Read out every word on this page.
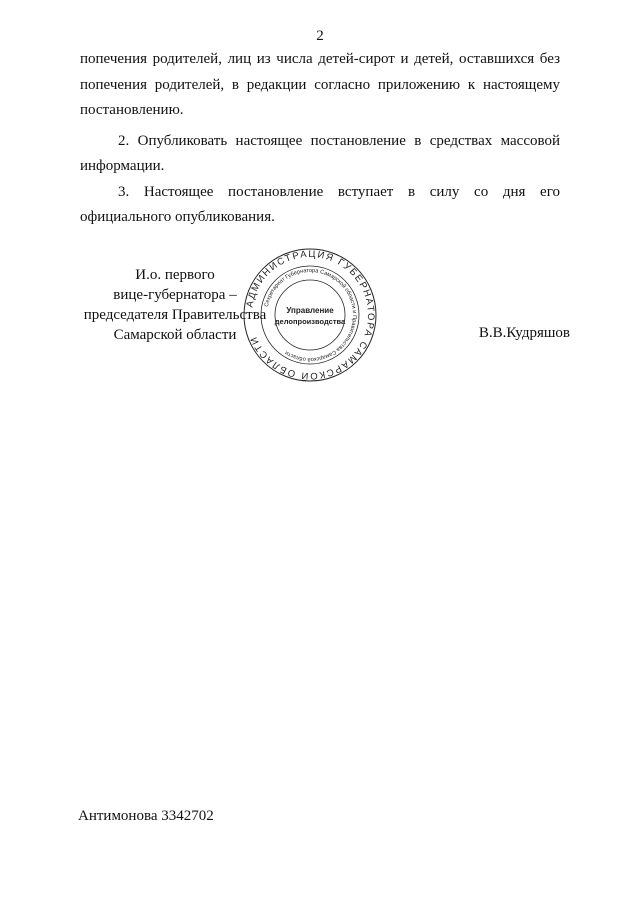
2

попечения родителей, лиц из числа детей-сирот и детей, оставшихся без

попечения родителей, в редакции согласно приложению к настоящему

постановлению.

2. Опубликовать настоящее постановление в средствах массовой

информации.

3. Настоящее постановление вступает в силу со дня его

официального опубликования.

И.о. первого
вице-губернатора –
председателя Правительства
Самарской области
АДМИНИСТРАЦИЯ ГУБЕРНАТОРА САМАРСКОЙ ОБЛАСТИ
Секретариат Губернатора Самарской области и Правительства Самарской области
Управление
делопроизводства
В.В.Кудряшов
Антимонова 3342702
